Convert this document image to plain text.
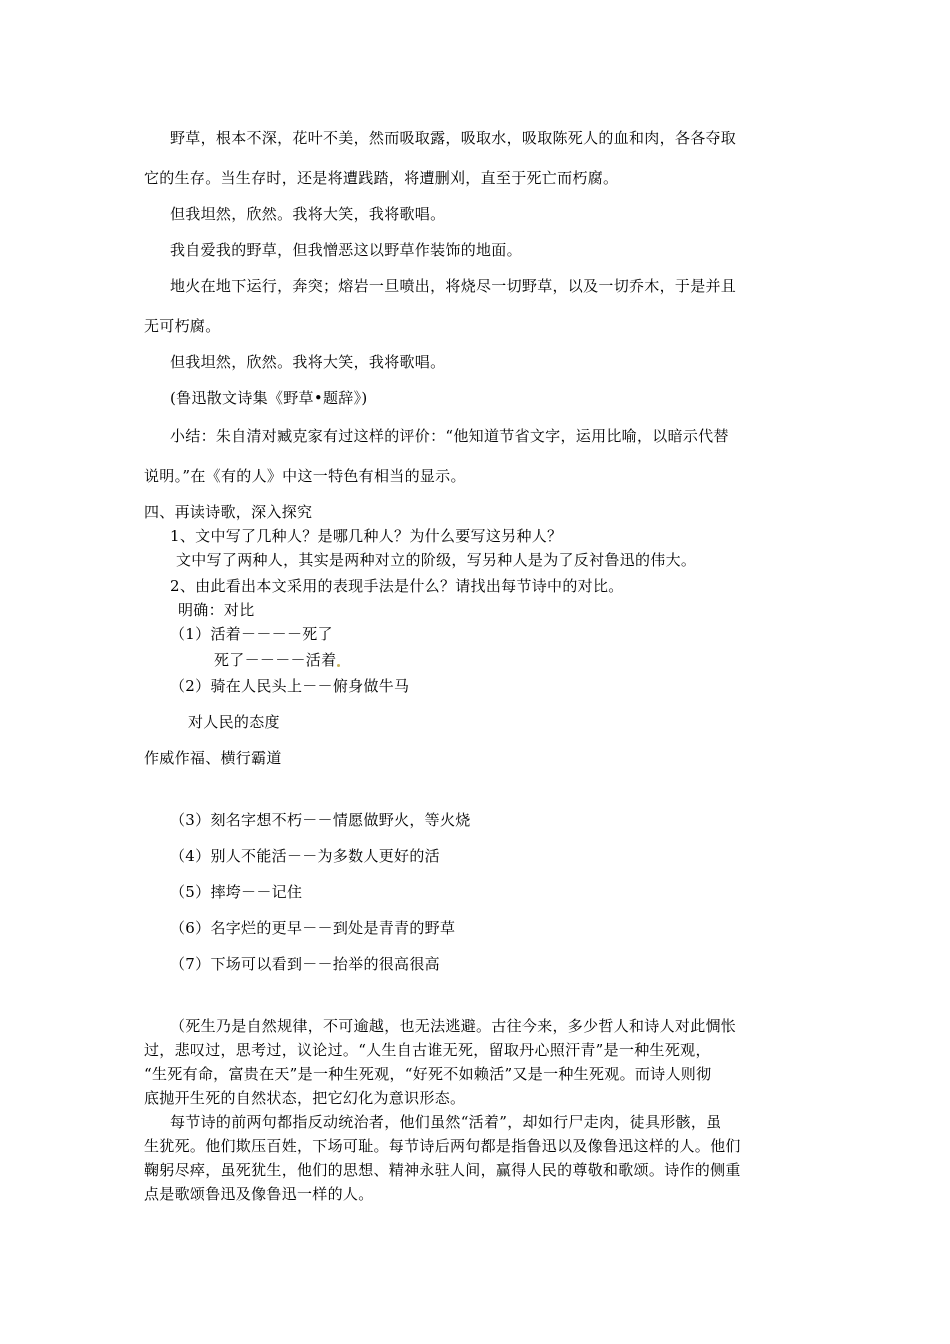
野草，根本不深，花叶不美，然而吸取露，吸取水，吸取陈死人的血和肉，各各夺取
它的生存。当生存时，还是将遭践踏，将遭删刈，直至于死亡而朽腐。
但我坦然，欣然。我将大笑，我将歌唱。
我自爱我的野草，但我憎恶这以野草作装饰的地面。
地火在地下运行，奔突；熔岩一旦喷出，将烧尽一切野草，以及一切乔木，于是并且
无可朽腐。
但我坦然，欣然。我将大笑，我将歌唱。
(鲁迅散文诗集《野草•题辞》)
小结：朱自清对臧克家有过这样的评价：“他知道节省文字，运用比喻，以暗示代替
说明。”在《有的人》中这一特色有相当的显示。
四、再读诗歌，深入探究
1、文中写了几种人？是哪几种人？为什么要写这另种人？
文中写了两种人，其实是两种对立的阶级，写另种人是为了反衬鲁迅的伟大。
2、由此看出本文采用的表现手法是什么？请找出每节诗中的对比。
明确：对比
（1）活着－－－－死了
死了－－－－活着
（2）骑在人民头上－－俯身做牛马
对人民的态度
作威作福、横行霸道
（3）刻名字想不朽－－情愿做野火，等火烧
（4）别人不能活－－为多数人更好的活
（5）摔垮－－记住
（6）名字烂的更早－－到处是青青的野草
（7）下场可以看到－－抬举的很高很高
（死生乃是自然规律，不可逾越，也无法逃避。古往今来，多少哲人和诗人对此惆怅
过，悲叹过，思考过，议论过。“人生自古谁无死，留取丹心照汗青”是一种生死观，
“生死有命，富贵在天”是一种生死观，“好死不如赖活”又是一种生死观。而诗人则彻
底抛开生死的自然状态，把它幻化为意识形态。
每节诗的前两句都指反动统治者，他们虽然“活着”，却如行尸走肉，徒具形骸，虽
生犹死。他们欺压百姓，下场可耻。每节诗后两句都是指鲁迅以及像鲁迅这样的人。他们
鞠躬尽瘁，虽死犹生，他们的思想、精神永驻人间，赢得人民的尊敬和歌颂。诗作的侧重
点是歌颂鲁迅及像鲁迅一样的人。
